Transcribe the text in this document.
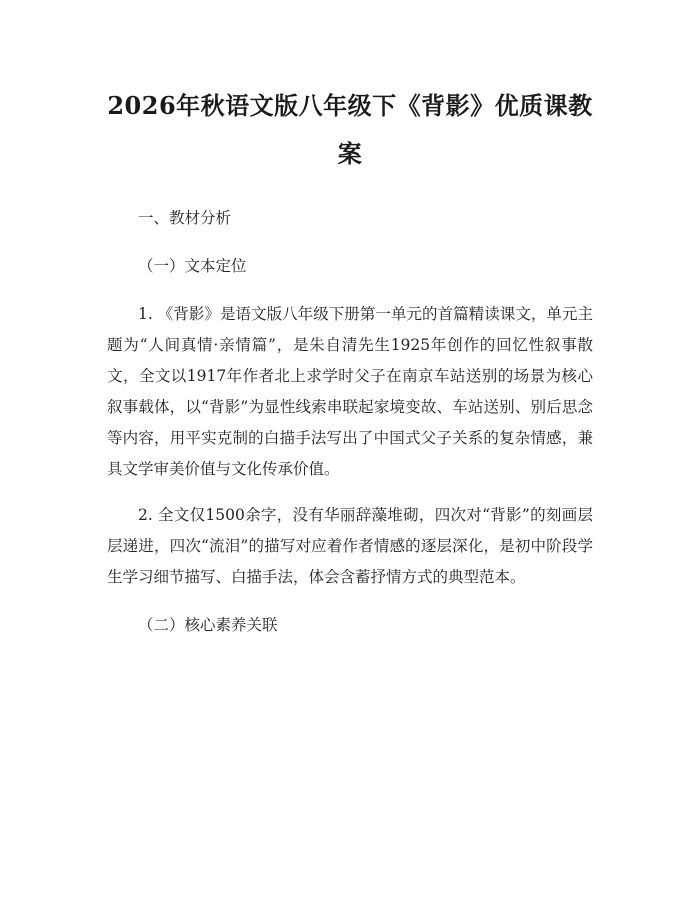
2026年秋语文版八年级下《背影》优质课教案

一、教材分析

（一）文本定位

1. 《背影》是语文版八年级下册第一单元的首篇精读课文，单元主题为“人间真情·亲情篇”，是朱自清先生1925年创作的回忆性叙事散文，全文以1917年作者北上求学时父子在南京车站送别的场景为核心叙事载体，以“背影”为显性线索串联起家境变故、车站送别、别后思念等内容，用平实克制的白描手法写出了中国式父子关系的复杂情感，兼具文学审美价值与文化传承价值。

2. 全文仅1500余字，没有华丽辞藻堆砌，四次对“背影”的刻画层层递进，四次“流泪”的描写对应着作者情感的逐层深化，是初中阶段学生学习细节描写、白描手法，体会含蓄抒情方式的典型范本。

（二）核心素养关联
